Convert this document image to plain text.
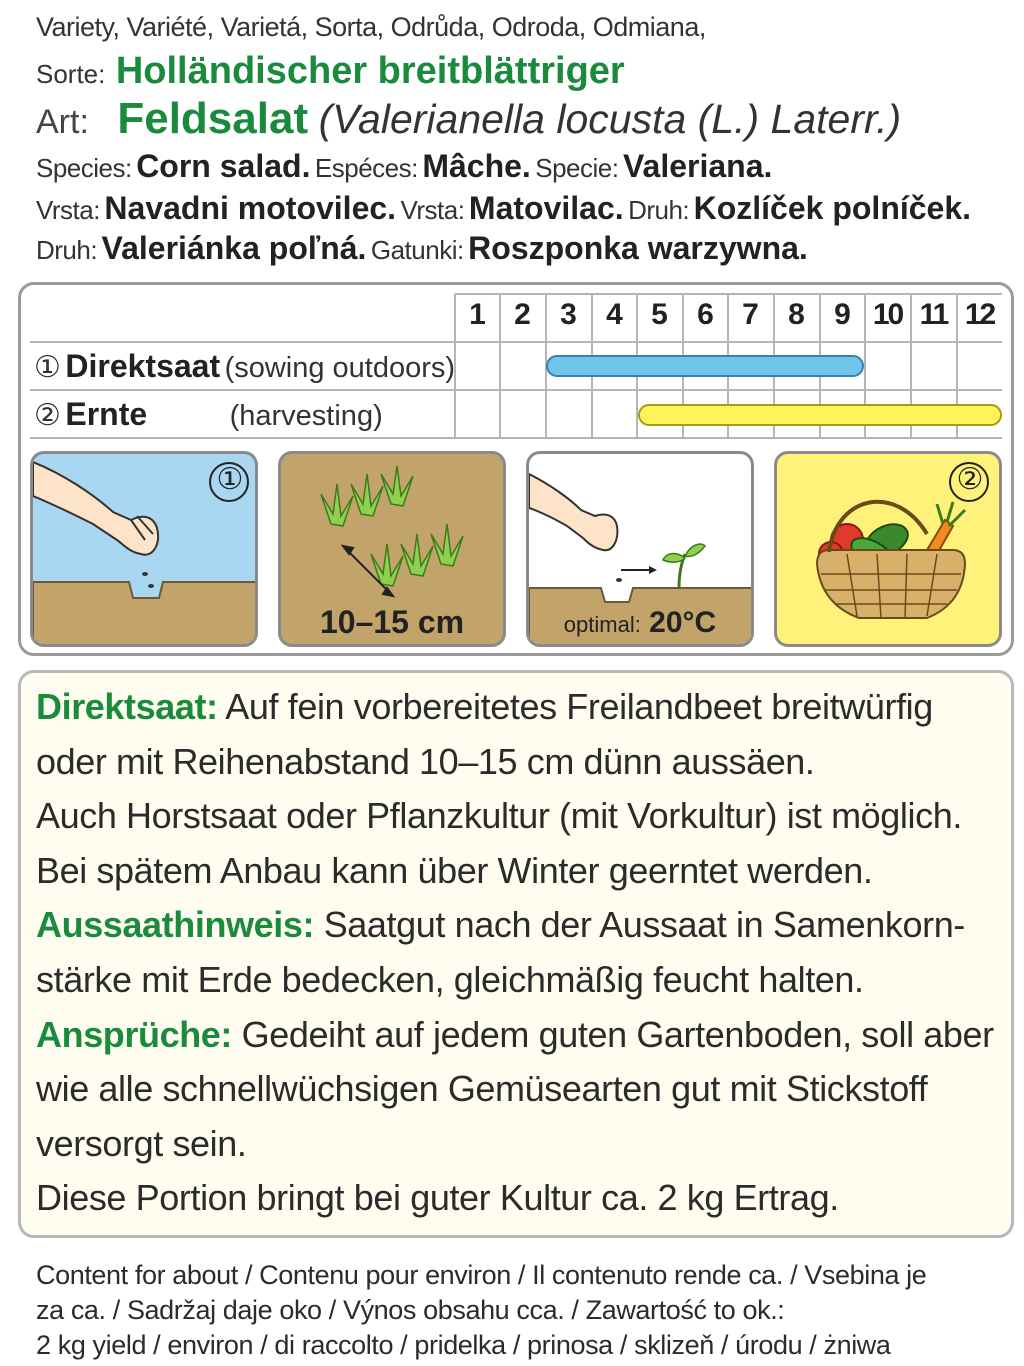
Variety, Variété, Varietá, Sorta, Odrůda, Odroda, Odmiana,
Sorte: Holländischer breitblättriger
Art: Feldsalat (Valerianella locusta (L.) Laterr.)
Species: Corn salad. Espéces: Mâche. Specie: Valeriana.
Vrsta: Navadni motovilec. Vrsta: Matovilac. Druh: Kozlíček polníček.
Druh: Valeriánka poľná. Gatunki: Roszponka warzywna.
1 2 3 4 5 6 7 8 9 10 11 12
① Direktsaat (sowing outdoors)
② Ernte	(harvesting)
①
10–15 cm	optimal: 20°C
②
Direktsaat: Auf fein vorbereitetes Freilandbeet breitwürfig
oder mit Reihenabstand 10–15 cm dünn aussäen.
Auch Horstsaat oder Pflanzkultur (mit Vorkultur) ist möglich.
Bei spätem Anbau kann über Winter geerntet werden.
Aussaathinweis: Saatgut nach der Aussaat in Samenkorn-
stärke mit Erde bedecken, gleichmäßig feucht halten.
Ansprüche: Gedeiht auf jedem guten Gartenboden, soll aber
wie alle schnellwüchsigen Gemüsearten gut mit Stickstoff
versorgt sein.
Diese Portion bringt bei guter Kultur ca. 2 kg Ertrag.
Content for about / Contenu pour environ / Il contenuto rende ca. / Vsebina je
za ca. / Sadržaj daje oko / Výnos obsahu cca. / Zawartość to ok.:
2 kg yield / environ / di raccolto / pridelka / prinosa / sklizeň / úrodu / żniwa
